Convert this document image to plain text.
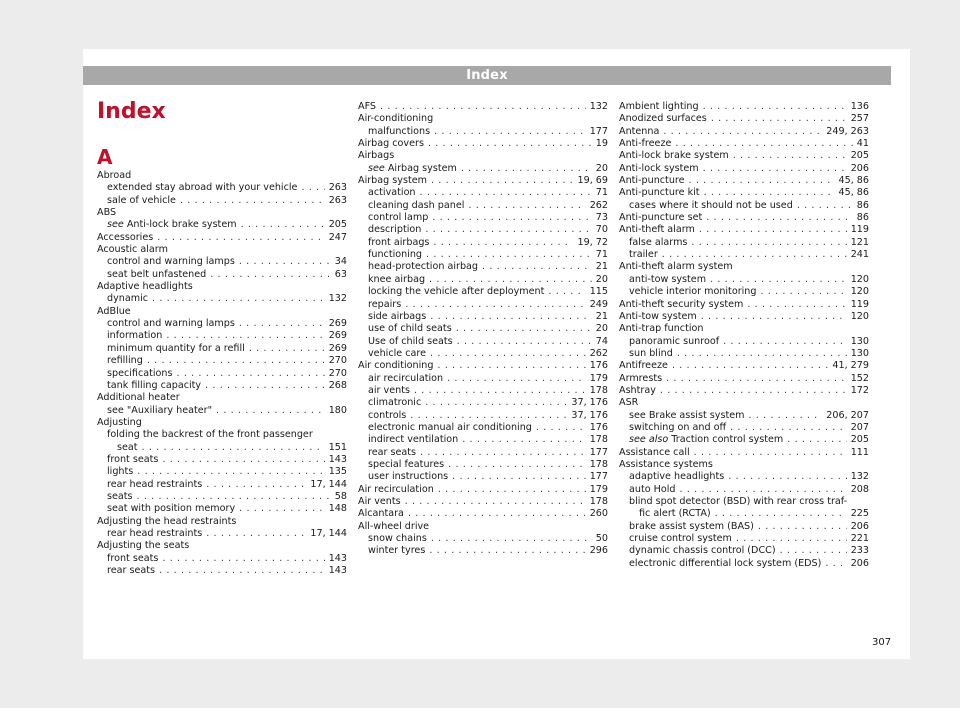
Index
Index
A
Abroad
extended stay abroad with your vehicle . . .	263
sale of vehicle . . .	263
ABS
see Anti-lock brake system . . .	205
Accessories . . .	247
Acoustic alarm
control and warning lamps . . .	34
seat belt unfastened . . .	63
Adaptive headlights
dynamic . . .	132
AdBlue
control and warning lamps . . .	269
information . . .	269
minimum quantity for a refill . . .	269
refilling . . .	270
specifications . . .	270
tank filling capacity . . .	268
Additional heater
see "Auxiliary heater" . . .	180
Adjusting
folding the backrest of the front passenger
seat . . .	151
front seats . . .	143
lights . . .	135
rear head restraints . . .	17, 144
seats . . .	58
seat with position memory . . .	148
Adjusting the head restraints
rear head restraints . . .	17, 144
Adjusting the seats
front seats . . .	143
rear seats . . .	143
AFS . . .	132
Air-conditioning
malfunctions . . .	177
Airbag covers . . .	19
Airbags
see Airbag system . . .	20
Airbag system . . .	19, 69
activation . . .	71
cleaning dash panel . . .	262
control lamp . . .	73
description . . .	70
front airbags . . .	19, 72
functioning . . .	71
head-protection airbag . . .	21
knee airbag . . .	20
locking the vehicle after deployment . . .	115
repairs . . .	249
side airbags . . .	21
use of child seats . . .	20
Use of child seats . . .	74
vehicle care . . .	262
Air conditioning . . .	176
air recirculation . . .	179
air vents . . .	178
climatronic . . .	37, 176
controls . . .	37, 176
electronic manual air conditioning . . .	176
indirect ventilation . . .	178
rear seats . . .	177
special features . . .	178
user instructions . . .	177
Air recirculation . . .	179
Air vents . . .	178
Alcantara . . .	260
All-wheel drive
snow chains . . .	50
winter tyres . . .	296
Ambient lighting . . .	136
Anodized surfaces . . .	257
Antenna . . .	249, 263
Anti-freeze . . .	41
Anti-lock brake system . . .	205
Anti-lock system . . .	206
Anti-puncture . . .	45, 86
Anti-puncture kit . . .	45, 86
cases where it should not be used . . .	86
Anti-puncture set . . .	86
Anti-theft alarm . . .	119
false alarms . . .	121
trailer . . .	241
Anti-theft alarm system
anti-tow system . . .	120
vehicle interior monitoring . . .	120
Anti-theft security system . . .	119
Anti-tow system . . .	120
Anti-trap function
panoramic sunroof . . .	130
sun blind . . .	130
Antifreeze . . .	41, 279
Armrests . . .	152
Ashtray . . .	172
ASR
see Brake assist system . . .	206, 207
switching on and off . . .	207
see also Traction control system . . .	205
Assistance call . . .	111
Assistance systems
adaptive headlights . . .	132
auto Hold . . .	208
blind spot detector (BSD) with rear cross traf-
fic alert (RCTA) . . .	225
brake assist system (BAS) . . .	206
cruise control system . . .	221
dynamic chassis control (DCC) . . .	233
electronic differential lock system (EDS) . . .	206
307
